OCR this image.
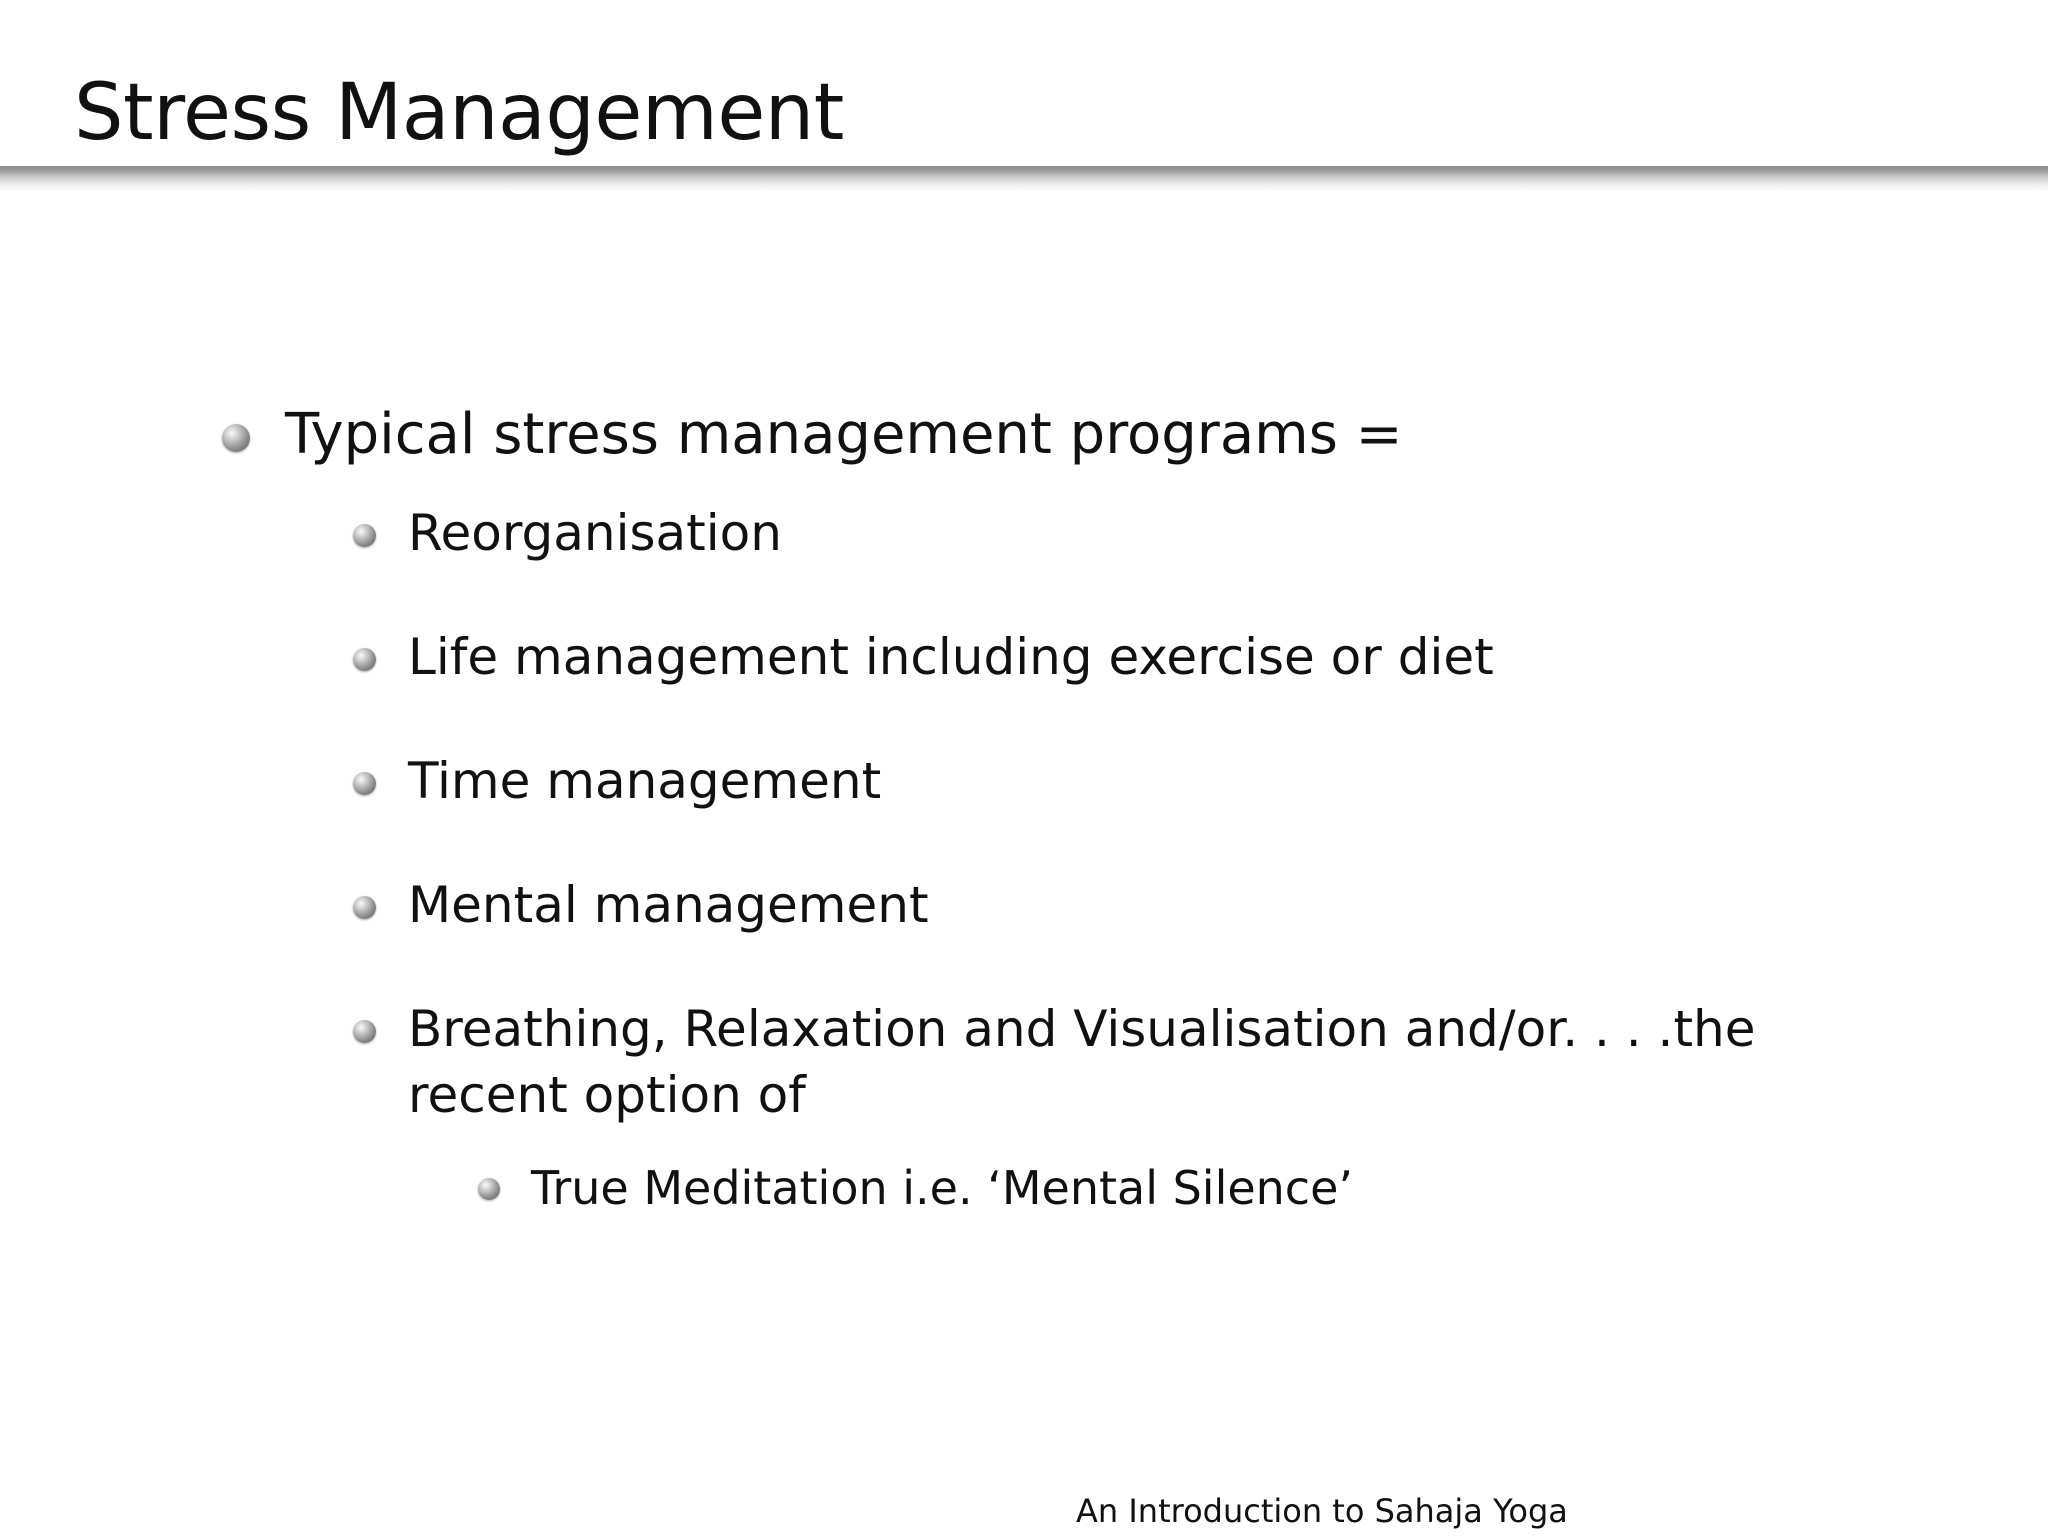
Stress Management

Typical stress management programs =

Reorganisation

Life management including exercise or diet

Time management

Mental management

Breathing, Relaxation and Visualisation and/or. . . .the recent option of

True Meditation i.e. ‘Mental Silence’

An Introduction to Sahaja Yoga
